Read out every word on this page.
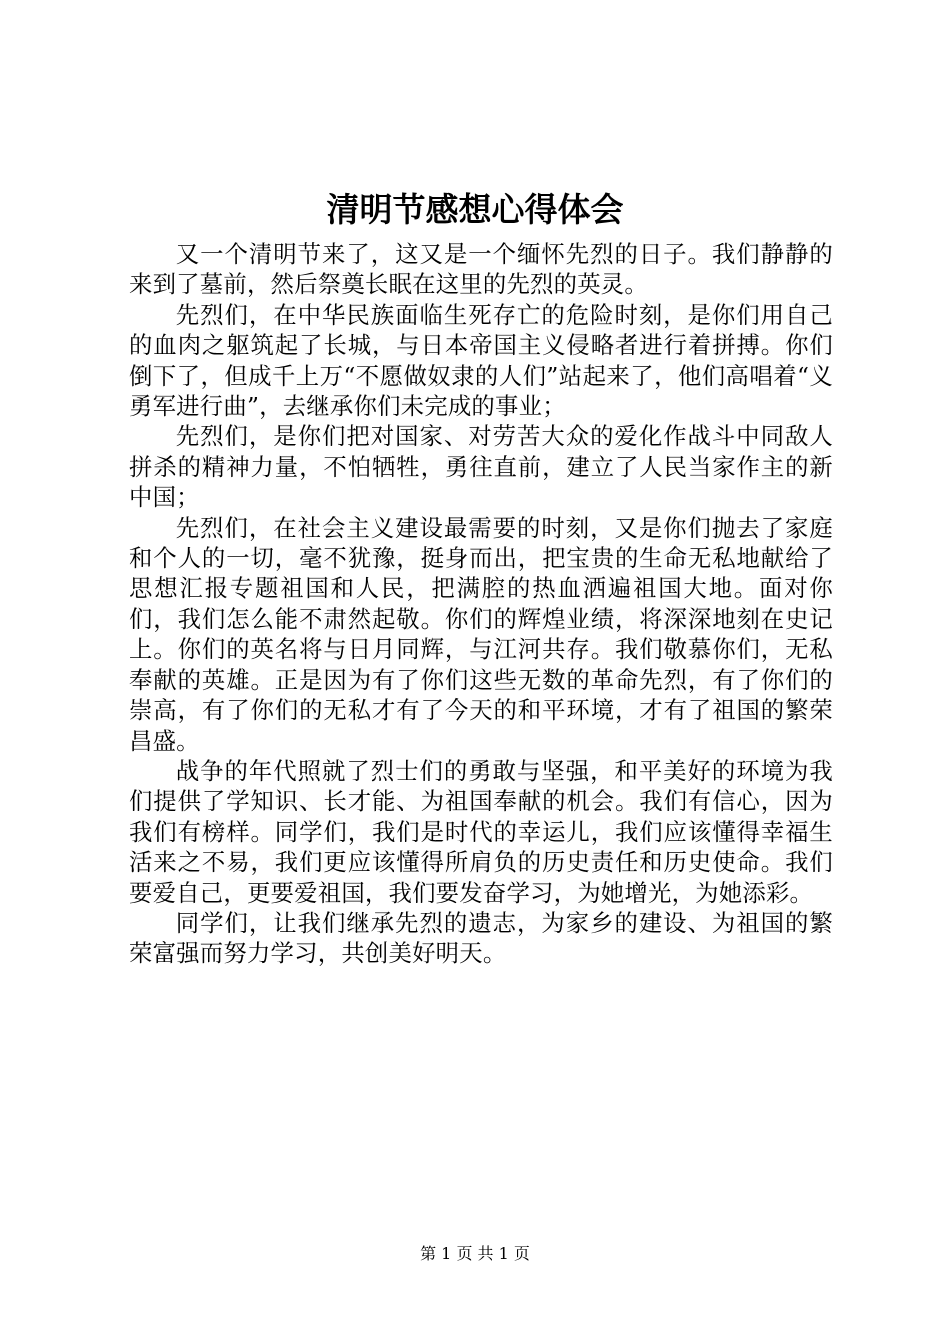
清明节感想心得体会

又一个清明节来了，这又是一个缅怀先烈的日子。我们静静的来到了墓前，然后祭奠长眠在这里的先烈的英灵。

先烈们，在中华民族面临生死存亡的危险时刻，是你们用自己的血肉之躯筑起了长城，与日本帝国主义侵略者进行着拼搏。你们倒下了，但成千上万“不愿做奴隶的人们”站起来了，他们高唱着“义勇军进行曲”，去继承你们未完成的事业；

先烈们，是你们把对国家、对劳苦大众的爱化作战斗中同敌人拼杀的精神力量，不怕牺牲，勇往直前，建立了人民当家作主的新中国；

先烈们，在社会主义建设最需要的时刻，又是你们抛去了家庭和个人的一切，毫不犹豫，挺身而出，把宝贵的生命无私地献给了思想汇报专题祖国和人民，把满腔的热血洒遍祖国大地。面对你们，我们怎么能不肃然起敬。你们的辉煌业绩，将深深地刻在史记上。你们的英名将与日月同辉，与江河共存。我们敬慕你们，无私奉献的英雄。正是因为有了你们这些无数的革命先烈，有了你们的崇高，有了你们的无私才有了今天的和平环境，才有了祖国的繁荣昌盛。

战争的年代照就了烈士们的勇敢与坚强，和平美好的环境为我们提供了学知识、长才能、为祖国奉献的机会。我们有信心，因为我们有榜样。同学们，我们是时代的幸运儿，我们应该懂得幸福生活来之不易，我们更应该懂得所肩负的历史责任和历史使命。我们要爱自己，更要爱祖国，我们要发奋学习，为她增光，为她添彩。

同学们，让我们继承先烈的遗志，为家乡的建设、为祖国的繁荣富强而努力学习，共创美好明天。

第 1 页 共 1 页
